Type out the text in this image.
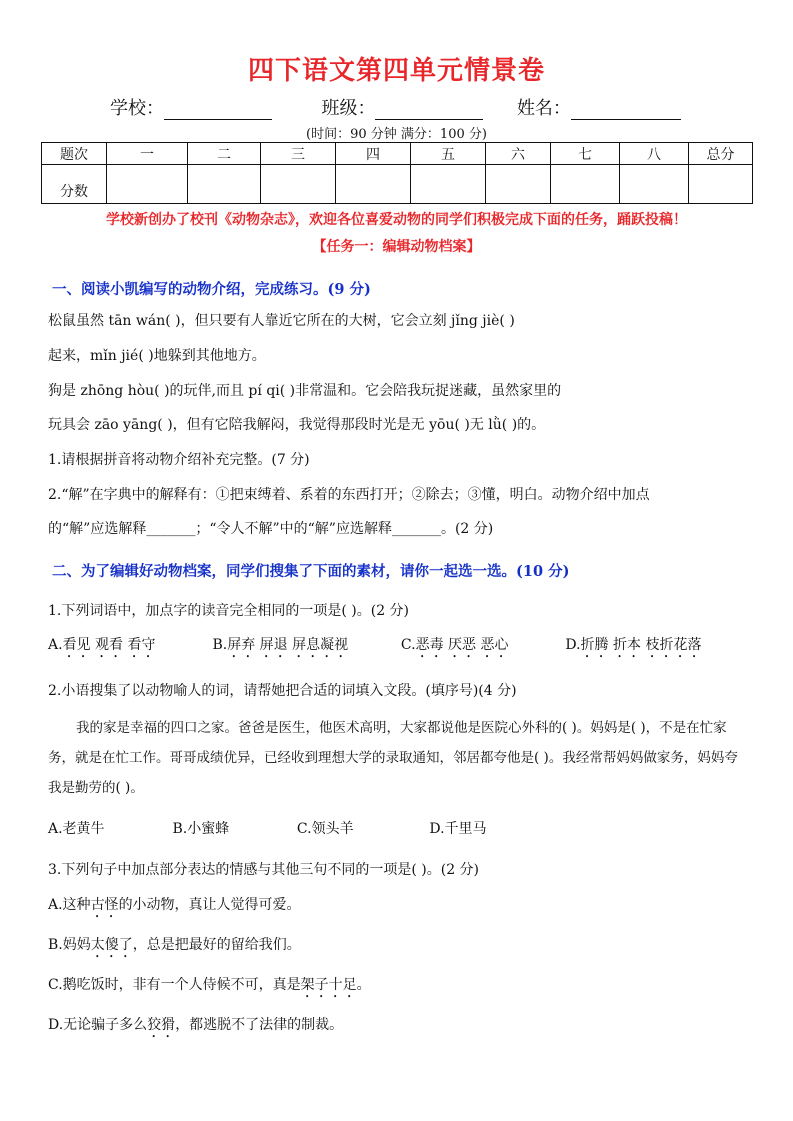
四下语文第四单元情景卷
学校：	班级：	姓名：
(时间：90 分钟 满分：100 分)
题次	一	二	三	四	五	六	七	八	总分
分数									
学校新创办了校刊《动物杂志》，欢迎各位喜爱动物的同学们积极完成下面的任务，踊跃投稿！
【任务一：编辑动物档案】
一、阅读小凯编写的动物介绍，完成练习。(9 分)
松鼠虽然 tān wán( )，但只要有人靠近它所在的大树，它会立刻 jǐng jiè( )
起来，mǐn jié( )地躲到其他地方。
狗是 zhōng hòu( )的玩伴,而且 pí qi( )非常温和。它会陪我玩捉迷藏，虽然家里的
玩具会 zāo yāng( )，但有它陪我解闷，我觉得那段时光是无 yōu( )无 lǜ( )的。
1.请根据拼音将动物介绍补充完整。(7 分)
2.“解”在字典中的解释有：①把束缚着、系着的东西打开；②除去；③懂，明白。动物介绍中加点
的“解”应选解释_______；“令人不解”中的“解”应选解释_______。(2 分)
二、为了编辑好动物档案，同学们搜集了下面的素材，请你一起选一选。(10 分)
1.下列词语中，加点字的读音完全相同的一项是( )。(2 分)
A.看见 观看 看守	B.屏弃 屏退 屏息凝视	C.恶毒 厌恶 恶心	D.折腾 折本 枝折花落
2.小语搜集了以动物喻人的词，请帮她把合适的词填入文段。(填序号)(4 分)
我的家是幸福的四口之家。爸爸是医生，他医术高明，大家都说他是医院心外科的( )。妈妈是( )，不是在忙家务，就是在忙工作。哥哥成绩优异，已经收到理想大学的录取通知，邻居都夸他是( )。我经常帮妈妈做家务，妈妈夸我是勤劳的( )。
A.老黄牛	B.小蜜蜂	C.领头羊	D.千里马
3.下列句子中加点部分表达的情感与其他三句不同的一项是( )。(2 分)
A.这种古怪的小动物，真让人觉得可爱。
B.妈妈太傻了，总是把最好的留给我们。
C.鹅吃饭时，非有一个人侍候不可，真是架子十足。
D.无论骗子多么狡猾，都逃脱不了法律的制裁。
